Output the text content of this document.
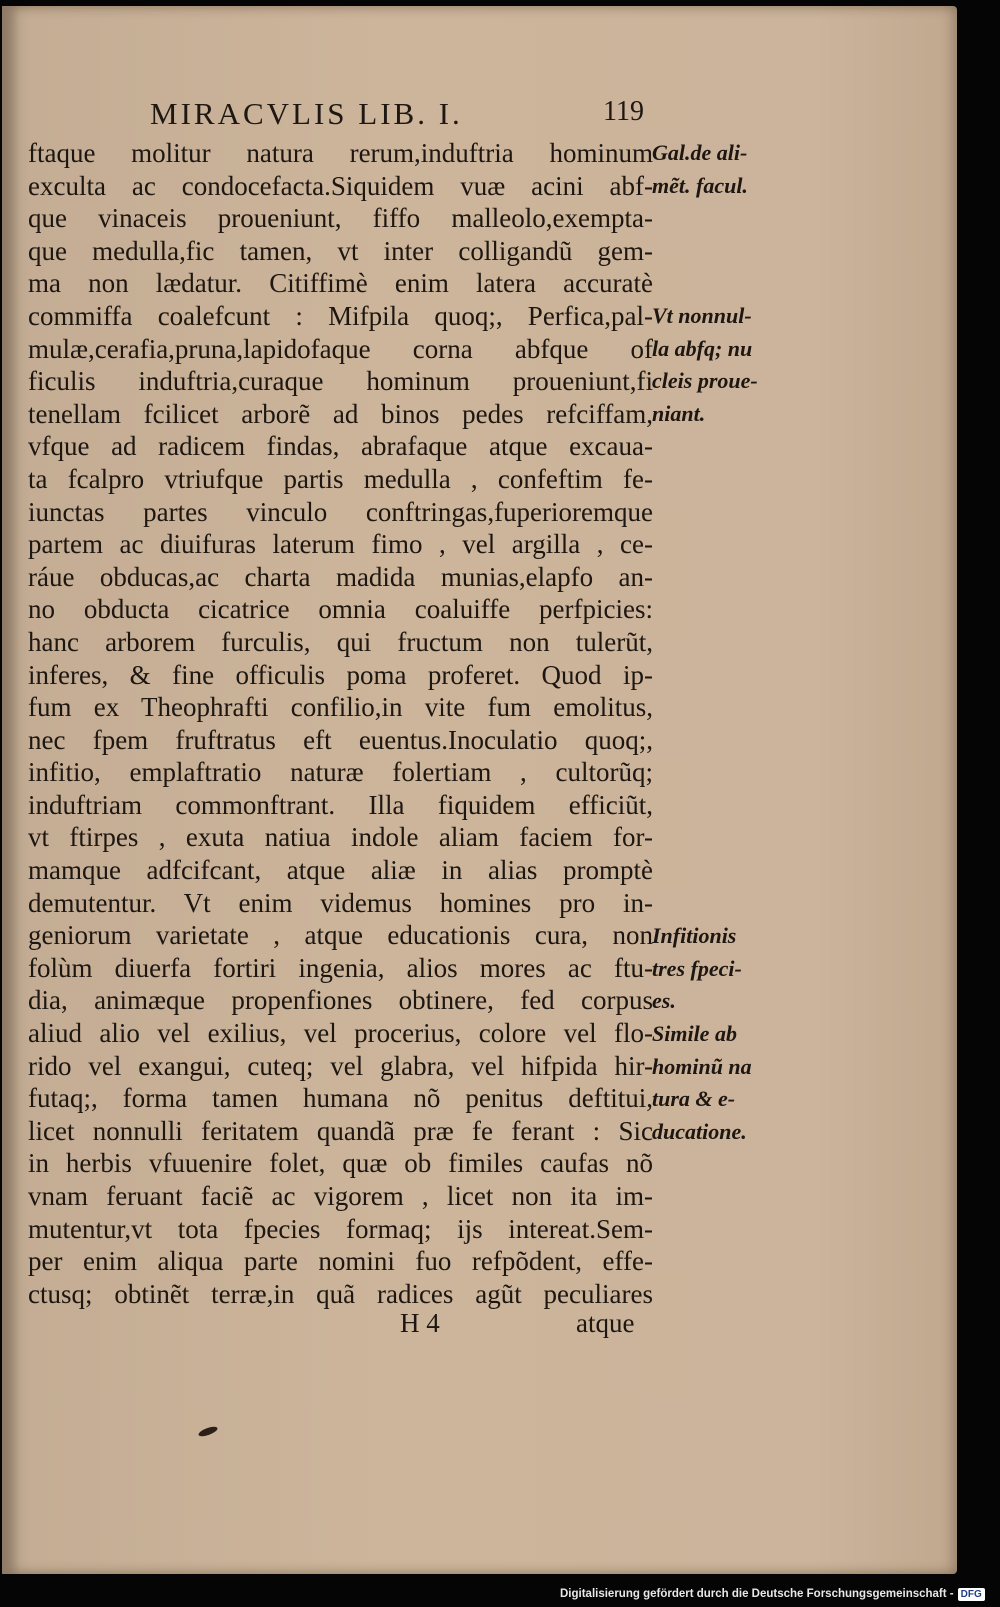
MIRACVLIS LIB. I.	119
ftaque molitur natura rerum,induftria hominum
exculta ac condocefacta.Siquidem vuæ acini abf-
que vinaceis proueniunt, fiffo malleolo,exempta-
que medulla,fic tamen, vt inter colligandũ gem-
ma non lædatur. Citiffimè enim latera accuratè
commiffa coalefcunt : Mifpila quoq;, Perfica,pal-
mulæ,cerafia,pruna,lapidofaque corna abfque of
ficulis induftria,curaque hominum proueniunt,fi
tenellam fcilicet arborẽ ad binos pedes refciffam,
vfque ad radicem findas, abrafaque atque excaua-
ta fcalpro vtriufque partis medulla , confeftim fe-
iunctas partes vinculo conftringas,fuperioremque
partem ac diuifuras laterum fimo , vel argilla , ce-
ráue obducas,ac charta madida munias,elapfo an-
no obducta cicatrice omnia coaluiffe perfpicies:
hanc arborem furculis, qui fructum non tulerũt,
inferes, & fine officulis poma proferet. Quod ip-
fum ex Theophrafti confilio,in vite fum emolitus,
nec fpem fruftratus eft euentus.Inoculatio quoq;,
infitio, emplaftratio naturæ folertiam , cultorũq;
induftriam commonftrant. Illa fiquidem efficiũt,
vt ftirpes , exuta natiua indole aliam faciem for-
mamque adfcifcant, atque aliæ in alias promptè
demutentur. Vt enim videmus homines pro in-
geniorum varietate , atque educationis cura, non
folùm diuerfa fortiri ingenia, alios mores ac ftu-
dia, animæque propenfiones obtinere, fed corpus
aliud alio vel exilius, vel procerius, colore vel flo-
rido vel exangui, cuteq; vel glabra, vel hifpida hir-
futaq;, forma tamen humana nõ penitus deftitui,
licet nonnulli feritatem quandã præ fe ferant : Sic
in herbis vfuuenire folet, quæ ob fimiles caufas nõ
vnam feruant faciẽ ac vigorem , licet non ita im-
mutentur,vt tota fpecies formaq; ijs intereat.Sem-
per enim aliqua parte nomini fuo refpõdent, effe-
ctusq; obtinẽt terræ,in quã radices agũt peculiares
Gal.de ali-
mẽt. facul.
Vt nonnul-
la abfq; nu
cleis proue-
niant.
Infitionis
tres fpeci-
es.
Simile ab
hominũ na
tura & e-
ducatione.
H 4	atque
Digitalisierung gefördert durch die Deutsche Forschungsgemeinschaft - DFG
